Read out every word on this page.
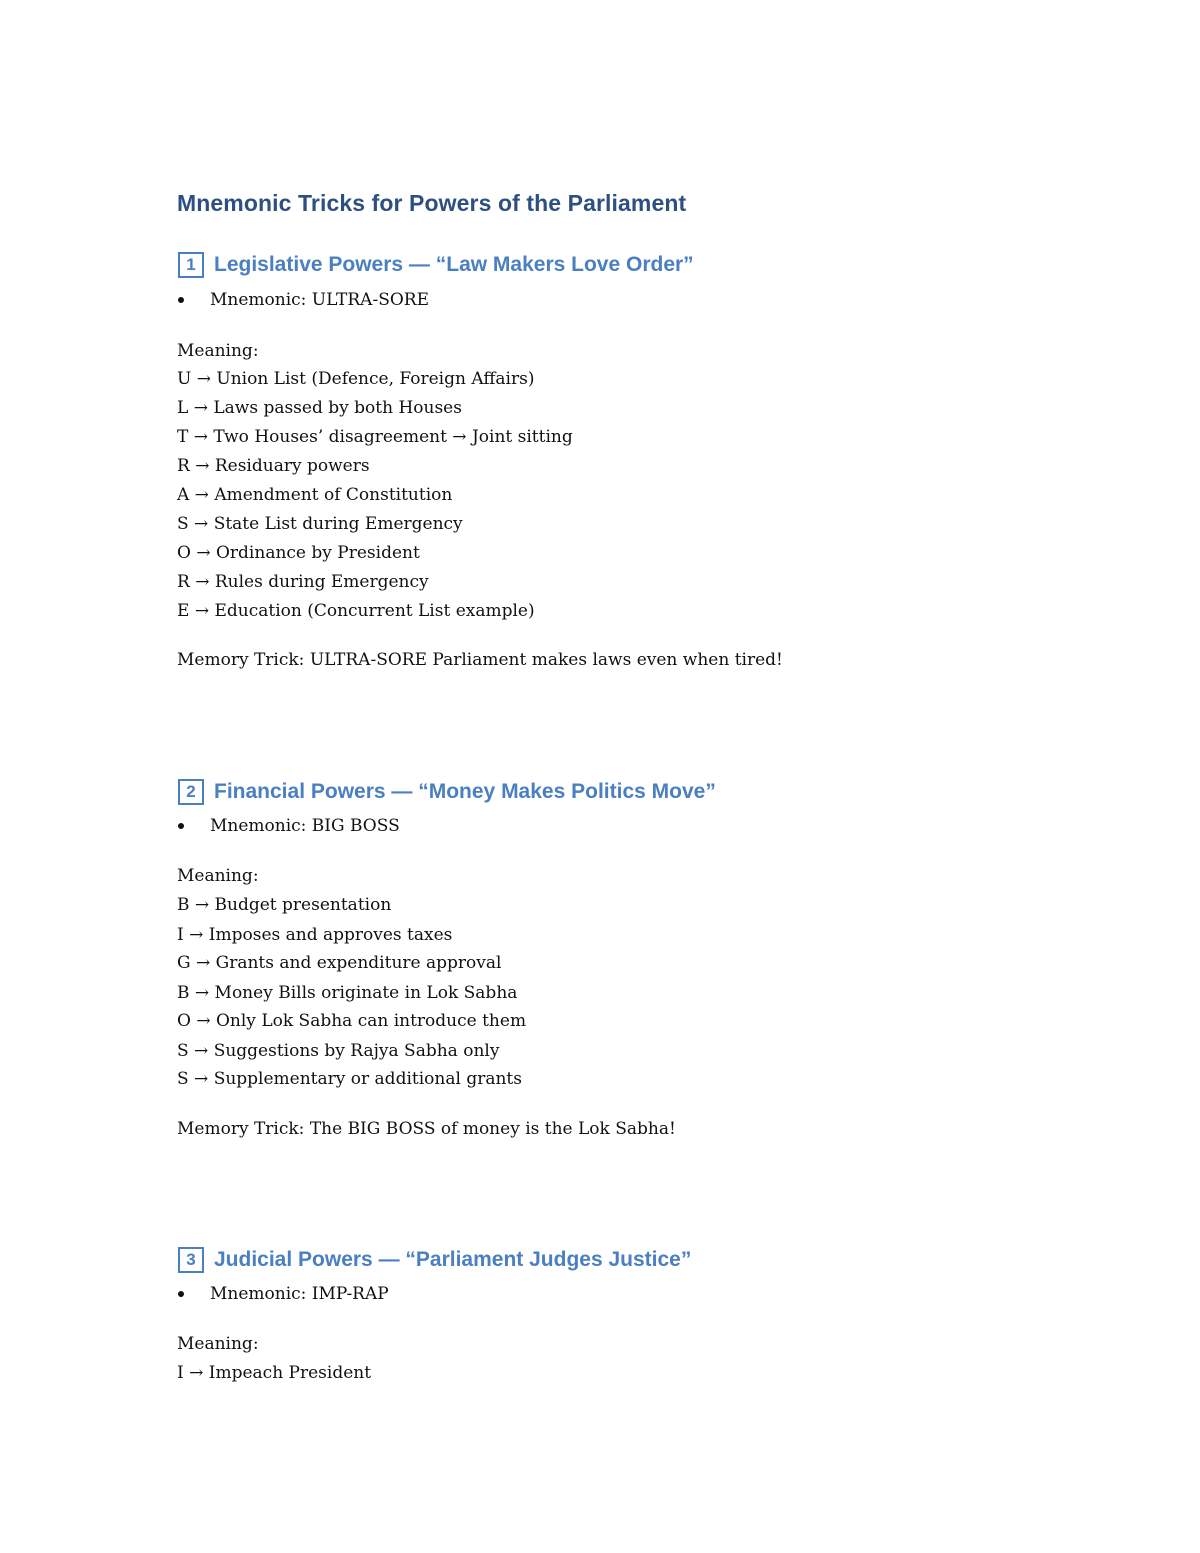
Mnemonic Tricks for Powers of the Parliament
1 Legislative Powers — “Law Makers Love Order”
Mnemonic: ULTRA-SORE
Meaning:
U → Union List (Defence, Foreign Affairs)
L → Laws passed by both Houses
T → Two Houses’ disagreement → Joint sitting
R → Residuary powers
A → Amendment of Constitution
S → State List during Emergency
O → Ordinance by President
R → Rules during Emergency
E → Education (Concurrent List example)
Memory Trick: ULTRA-SORE Parliament makes laws even when tired!
2 Financial Powers — “Money Makes Politics Move”
Mnemonic: BIG BOSS
Meaning:
B → Budget presentation
I → Imposes and approves taxes
G → Grants and expenditure approval
B → Money Bills originate in Lok Sabha
O → Only Lok Sabha can introduce them
S → Suggestions by Rajya Sabha only
S → Supplementary or additional grants
Memory Trick: The BIG BOSS of money is the Lok Sabha!
3 Judicial Powers — “Parliament Judges Justice”
Mnemonic: IMP-RAP
Meaning:
I → Impeach President
